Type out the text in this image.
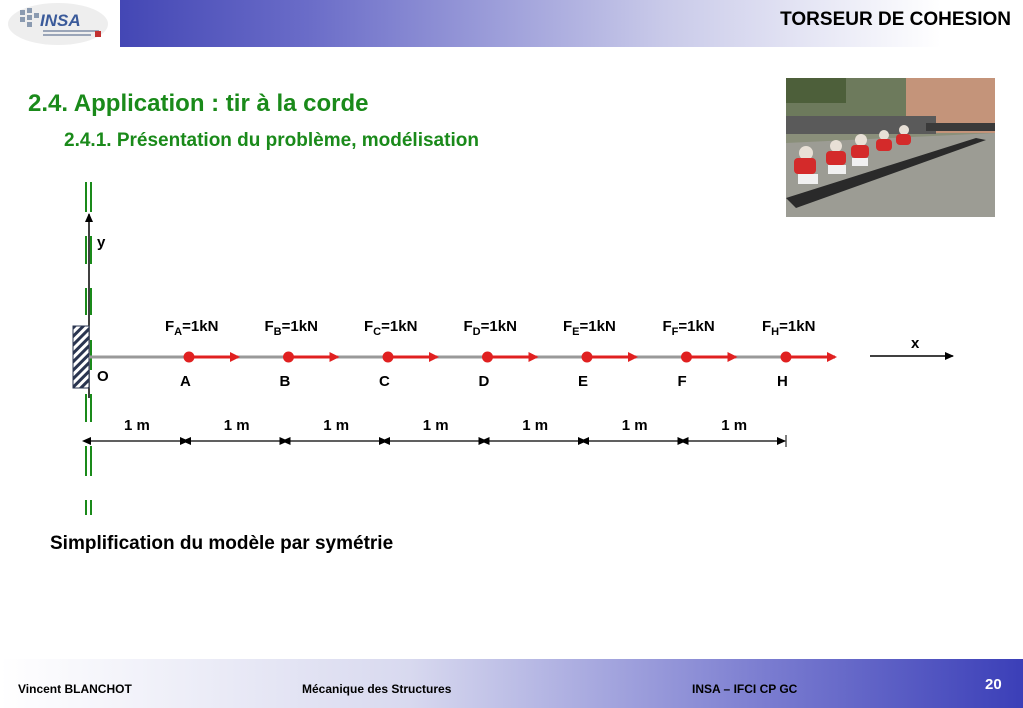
INSA	TORSEUR DE COHESION
2.4. Application : tir à la corde
2.4.1. Présentation du problème, modélisation
y
O
x
A
$F_A=1kN$
B
$F_B=1kN$
C
$F_C=1kN$
D
$F_D=1kN$
E
$F_E=1kN$
F
$F_F=1kN$
H
$F_H=1kN$
1 m	1 m	1 m	1 m	1 m	1 m	1 m
Simplification du modèle par symétrie
Vincent BLANCHOT	Mécanique des Structures	INSA – IFCI CP GC	20
